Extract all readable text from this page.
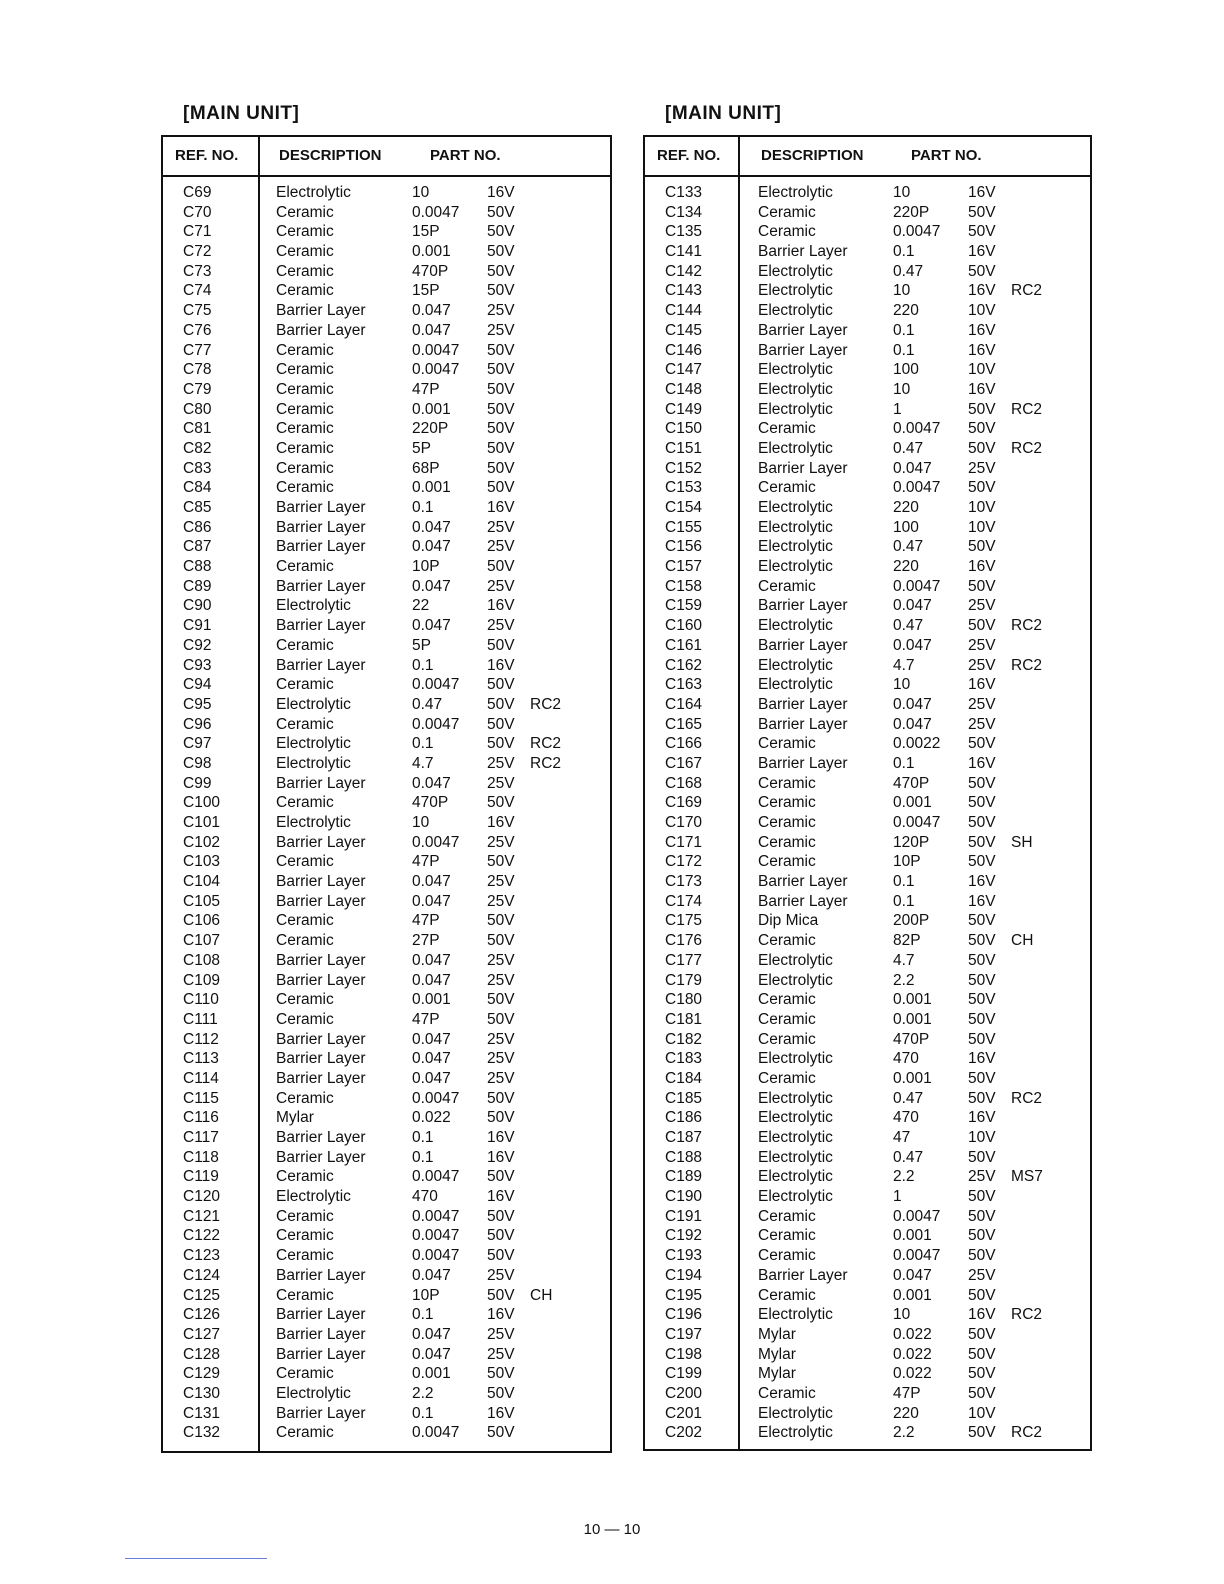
[MAIN UNIT]	[MAIN UNIT]
REF. NO.	DESCRIPTION	PART NO.
C69	Electrolytic	10	16V
C70	Ceramic	0.0047 50V
C71	Ceramic	15P	50V
C72	Ceramic	0.001 50V
C73	Ceramic	470P	50V
C74	Ceramic	15P	50V
C75	Barrier Layer	0.047 25V
C76	Barrier Layer	0.047 25V
C77	Ceramic	0.0047 50V
C78	Ceramic	0.0047 50V
C79	Ceramic	47P	50V
C80	Ceramic	0.001 50V
C81	Ceramic	220P	50V
C82	Ceramic	5P	50V
C83	Ceramic	68P	50V
C84	Ceramic	0.001 50V
C85	Barrier Layer	0.1	16V
C86	Barrier Layer	0.047 25V
C87	Barrier Layer	0.047 25V
C88	Ceramic	10P	50V
C89	Barrier Layer	0.047 25V
C90	Electrolytic	22	16V
C91	Barrier Layer	0.047 25V
C92	Ceramic	5P	50V
C93	Barrier Layer	0.1	16V
C94	Ceramic	0.0047 50V
C95	Electrolytic	0.47	50V RC2
C96	Ceramic	0.0047 50V
C97	Electrolytic	0.1	50V RC2
C98	Electrolytic	4.7	25V RC2
C99	Barrier Layer	0.047 25V
C100	Ceramic	470P	50V
C101	Electrolytic	10	16V
C102	Barrier Layer	0.0047 25V
C103	Ceramic	47P	50V
C104	Barrier Layer	0.047 25V
C105	Barrier Layer	0.047 25V
C106	Ceramic	47P	50V
C107	Ceramic	27P	50V
C108	Barrier Layer	0.047 25V
C109	Barrier Layer	0.047 25V
C110	Ceramic	0.001 50V
C111	Ceramic	47P	50V
C112	Barrier Layer	0.047 25V
C113	Barrier Layer	0.047 25V
C114	Barrier Layer	0.047 25V
C115	Ceramic	0.0047 50V
C116	Mylar	0.022 50V
C117	Barrier Layer	0.1	16V
C118	Barrier Layer	0.1	16V
C119	Ceramic	0.0047 50V
C120	Electrolytic	470	16V
C121	Ceramic	0.0047 50V
C122	Ceramic	0.0047 50V
C123	Ceramic	0.0047 50V
C124	Barrier Layer	0.047 25V
C125	Ceramic	10P	50V CH
C126	Barrier Layer	0.1	16V
C127	Barrier Layer	0.047 25V
C128	Barrier Layer	0.047 25V
C129	Ceramic	0.001 50V
C130	Electrolytic	2.2	50V
C131	Barrier Layer	0.1	16V
C132	Ceramic	0.0047 50V
REF. NO.	DESCRIPTION	PART NO.
C133	Electrolytic	10	16V
C134	Ceramic	220P	50V
C135	Ceramic	0.0047 50V
C141	Barrier Layer	0.1	16V
C142	Electrolytic	0.47	50V
C143	Electrolytic	10	16V RC2
C144	Electrolytic	220	10V
C145	Barrier Layer	0.1	16V
C146	Barrier Layer	0.1	16V
C147	Electrolytic	100	10V
C148	Electrolytic	10	16V
C149	Electrolytic	1	50V RC2
C150	Ceramic	0.0047 50V
C151	Electrolytic	0.47	50V RC2
C152	Barrier Layer	0.047 25V
C153	Ceramic	0.0047 50V
C154	Electrolytic	220	10V
C155	Electrolytic	100	10V
C156	Electrolytic	0.47	50V
C157	Electrolytic	220	16V
C158	Ceramic	0.0047 50V
C159	Barrier Layer	0.047 25V
C160	Electrolytic	0.47	50V RC2
C161	Barrier Layer	0.047 25V
C162	Electrolytic	4.7	25V RC2
C163	Electrolytic	10	16V
C164	Barrier Layer	0.047 25V
C165	Barrier Layer	0.047 25V
C166	Ceramic	0.0022 50V
C167	Barrier Layer	0.1	16V
C168	Ceramic	470P	50V
C169	Ceramic	0.001 50V
C170	Ceramic	0.0047 50V
C171	Ceramic	120P	50V SH
C172	Ceramic	10P	50V
C173	Barrier Layer	0.1	16V
C174	Barrier Layer	0.1	16V
C175	Dip Mica	200P	50V
C176	Ceramic	82P	50V CH
C177	Electrolytic	4.7	50V
C179	Electrolytic	2.2	50V
C180	Ceramic	0.001 50V
C181	Ceramic	0.001 50V
C182	Ceramic	470P	50V
C183	Electrolytic	470	16V
C184	Ceramic	0.001 50V
C185	Electrolytic	0.47	50V RC2
C186	Electrolytic	470	16V
C187	Electrolytic	47	10V
C188	Electrolytic	0.47	50V
C189	Electrolytic	2.2	25V MS7
C190	Electrolytic	1	50V
C191	Ceramic	0.0047 50V
C192	Ceramic	0.001 50V
C193	Ceramic	0.0047 50V
C194	Barrier Layer	0.047 25V
C195	Ceramic	0.001 50V
C196	Electrolytic	10	16V RC2
C197	Mylar	0.022 50V
C198	Mylar	0.022 50V
C199	Mylar	0.022 50V
C200	Ceramic	47P	50V
C201	Electrolytic	220	10V
C202	Electrolytic	2.2	50V RC2
10 — 10
